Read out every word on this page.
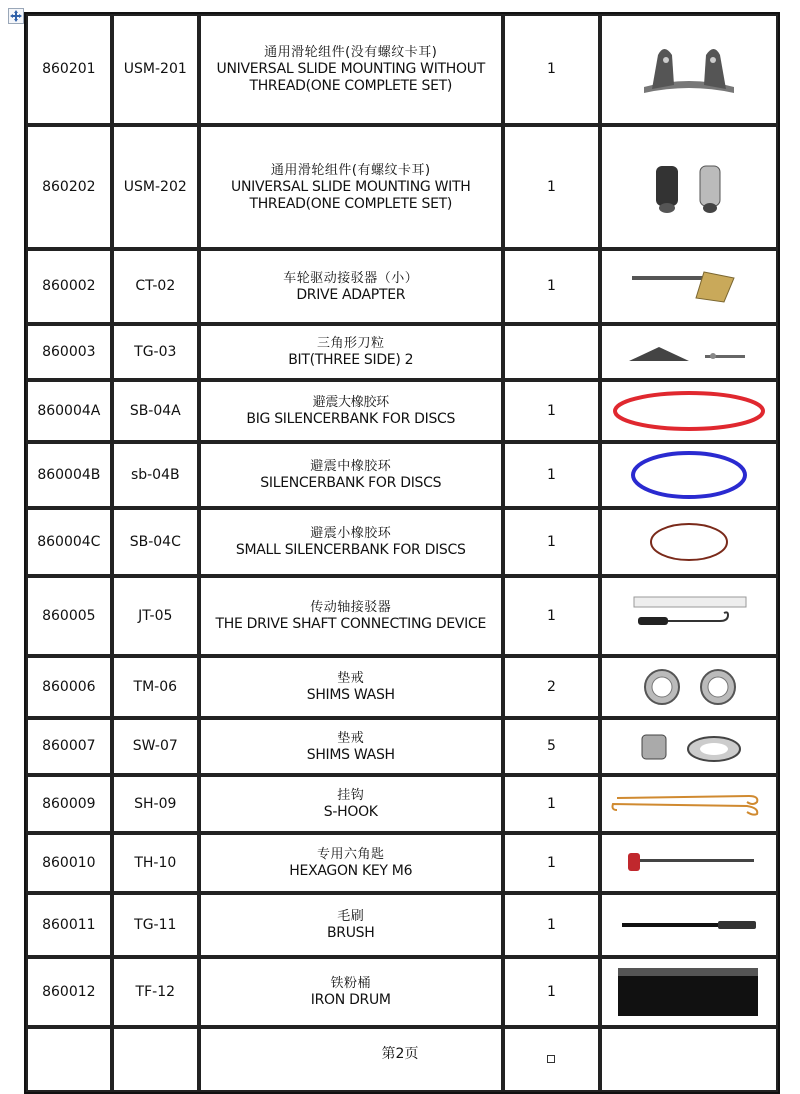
860201	USM-201	通用滑轮组件(没有螺纹卡耳)
UNIVERSAL SLIDE MOUNTING WITHOUT THREAD(ONE COMPLETE SET)	1	

860202	USM-202	通用滑轮组件(有螺纹卡耳)
UNIVERSAL SLIDE MOUNTING WITH THREAD(ONE COMPLETE SET)	1	

860002	CT-02	车轮驱动接驳器（小）
DRIVE ADAPTER	1	

860003	TG-03	三角形刀粒
BIT(THREE SIDE) 2

860004A	SB-04A	避震大橡胶环
BIG SILENCERBANK FOR DISCS	1	

860004B	sb-04B	避震中橡胶环
SILENCERBANK FOR DISCS	1	

860004C	SB-04C	避震小橡胶环
SMALL SILENCERBANK FOR DISCS	1	

860005	JT-05	传动轴接驳器
THE DRIVE SHAFT CONNECTING DEVICE	1	

860006	TM-06	垫戒
SHIMS WASH	2	

860007	SW-07	垫戒
SHIMS WASH	5	

860009	SH-09	挂钩
S-HOOK	1	

860010	TH-10	专用六角匙
HEXAGON KEY M6	1	

860011	TG-11	毛刷
BRUSH	1	

860012	TF-12	铁粉桶
IRON DRUM	1	

第2页
